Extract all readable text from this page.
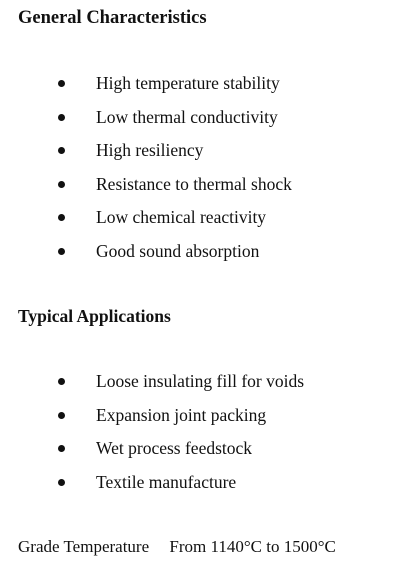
General Characteristics
High temperature stability
Low thermal conductivity
High resiliency
Resistance to thermal shock
Low chemical reactivity
Good sound absorption
Typical Applications
Loose insulating fill for voids
Expansion joint packing
Wet process feedstock
Textile manufacture
Grade Temperature From 1140°C to 1500°C
